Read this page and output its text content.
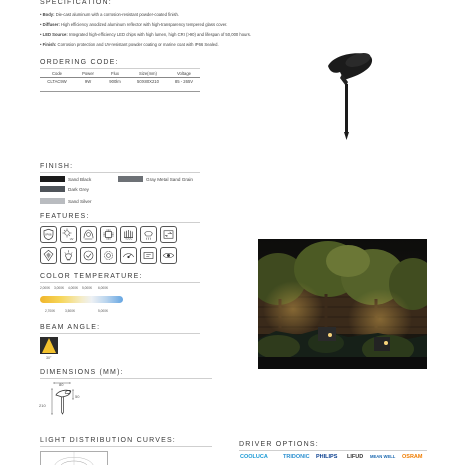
SPECIFICATION:
• Body: Die-cast aluminum with a corrosion-resistant powder-coated finish.
• Diffuser: High efficiency anodized aluminum reflector with high-transparency tempered glass cover.
• LED Source: Integrated high-efficiency LED chips with high lumen, high CRI (>90) and lifespan of 50,000 hours.
• Finish: Corrosion protection and UV-resistant powder coating or marine coat with IP66 Sealed.
ORDERING CODE:
Code	Power	Flux	Size(mm)	Voltage
CLTAC9W	9W	900lm	50X80X210	85 - 265V
FINISH:
Sand Black
Dark Grey
Sand Silver
Gray Metal Sand Grain
FEATURES:
IP66
UV
COLOR TEMPERATURE:
2,000K 3,000K 4,000K 5,000K 6,000K
2,700K	3,500K	5,000K
BEAM ANGLE:
30°
DIMENSIONS (MM):
80
50
210
LIGHT DISTRIBUTION CURVES:
DRIVER OPTIONS:
COOLUCA	TRIDONIC PHILIPS LIFUD MEAN WELL OSRAM
